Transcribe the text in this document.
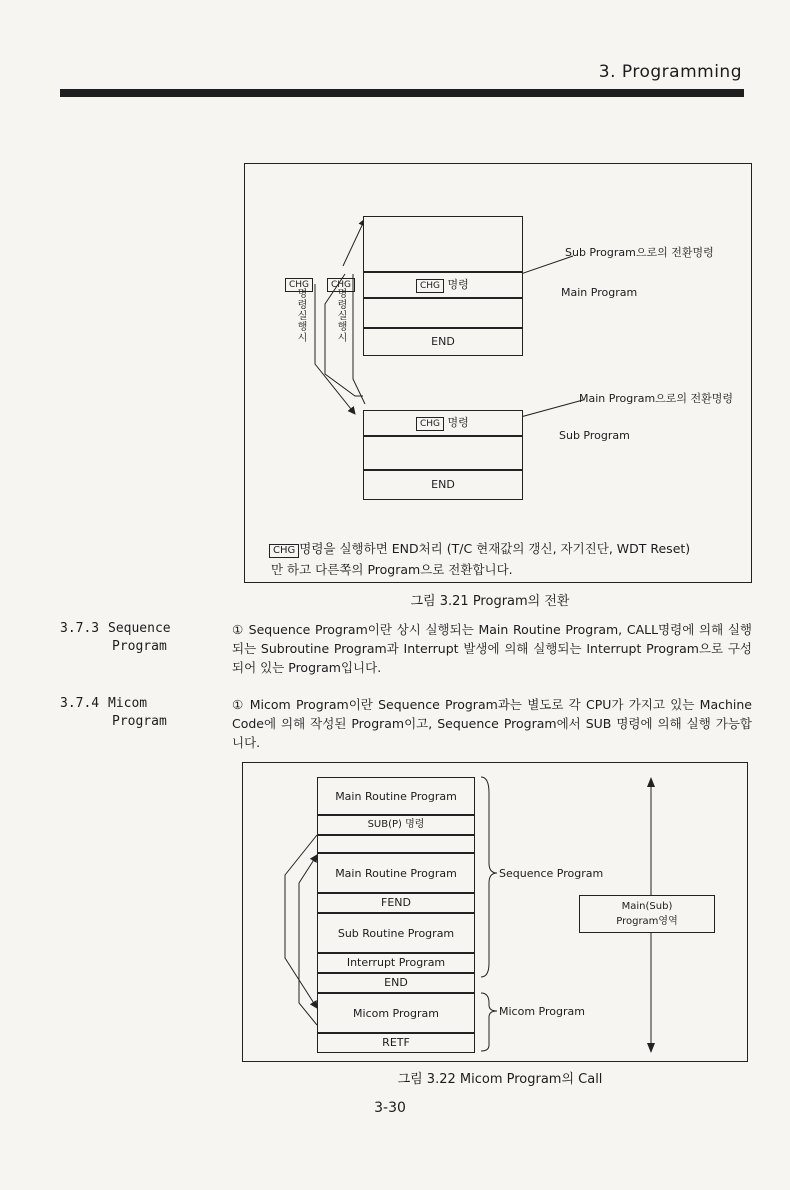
3. Programming
CHG
명령실행시
CHG
명령실행시
CHG 명령
END
CHG 명령
END
Sub Program으로의 전환명령
Main Program
Main Program으로의 전환명령
Sub Program
CHG 명령을 실행하면 END처리 (T/C 현재값의 갱신, 자기진단, WDT Reset)
만 하고 다른쪽의 Program으로 전환합니다.
그림 3.21 Program의 전환
3.7.3 Sequence
Program
① Sequence Program이란 상시 실행되는 Main Routine Program, CALL명령에 의해 실행되는 Subroutine Program과 Interrupt 발생에 의해 실행되는 Interrupt Program으로 구성되어 있는 Program입니다.
3.7.4 Micom
Program
① Micom Program이란 Sequence Program과는 별도로 각 CPU가 가지고 있는 Machine Code에 의해 작성된 Program이고, Sequence Program에서 SUB 명령에 의해 실행 가능합니다.
Main Routine Program
SUB(P) 명령
Main Routine Program
FEND
Sub Routine Program
Interrupt Program
END
Micom Program
RETF
Sequence Program
Micom Program
Main(Sub)
Program영역
그림 3.22 Micom Program의 Call
3-30
